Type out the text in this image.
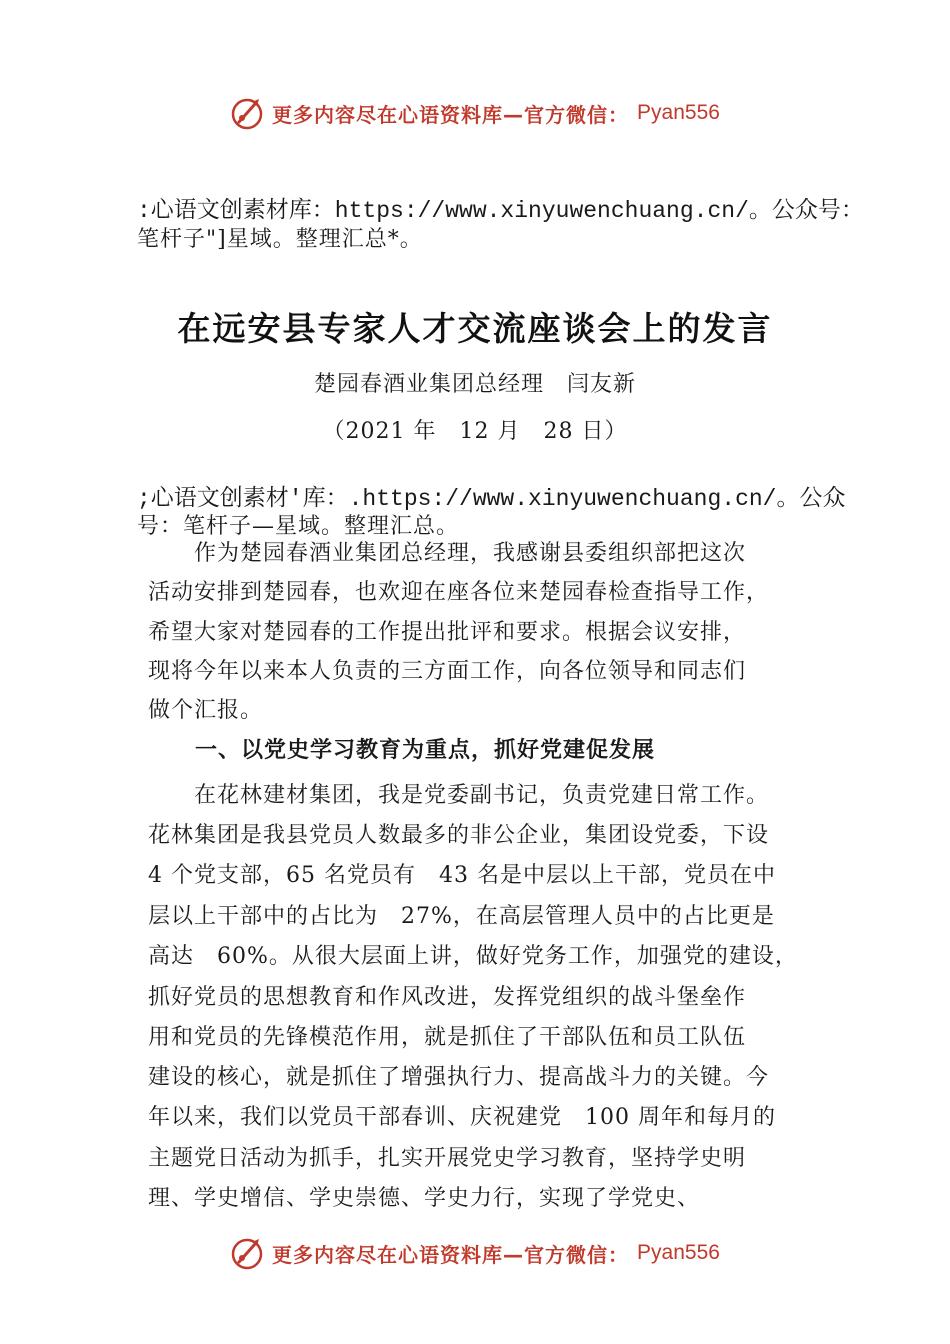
更多内容尽在心语资料库—官方微信： Pyan556
:心语文创素材库：https://www.xinyuwenchuang.cn/。公众号：
笔杆子"]星域。整理汇总*。
在远安县专家人才交流座谈会上的发言
楚园春酒业集团总经理　闫友新
（2021 年　12 月　28 日）
;心语文创素材'库：.https://www.xinyuwenchuang.cn/。公众
号：笔杆子—星域。整理汇总。
　　作为楚园春酒业集团总经理，我感谢县委组织部把这次
活动安排到楚园春，也欢迎在座各位来楚园春检查指导工作，
希望大家对楚园春的工作提出批评和要求。根据会议安排，
现将今年以来本人负责的三方面工作，向各位领导和同志们
做个汇报。
一、以党史学习教育为重点，抓好党建促发展
　　在花林建材集团，我是党委副书记，负责党建日常工作。
花林集团是我县党员人数最多的非公企业，集团设党委，下设
4 个党支部，65 名党员有　43 名是中层以上干部，党员在中
层以上干部中的占比为　27%，在高层管理人员中的占比更是
高达　60%。从很大层面上讲，做好党务工作，加强党的建设，
抓好党员的思想教育和作风改进，发挥党组织的战斗堡垒作
用和党员的先锋模范作用，就是抓住了干部队伍和员工队伍
建设的核心，就是抓住了增强执行力、提高战斗力的关键。今
年以来，我们以党员干部春训、庆祝建党　100 周年和每月的
主题党日活动为抓手，扎实开展党史学习教育，坚持学史明
理、学史增信、学史崇德、学史力行，实现了学党史、
更多内容尽在心语资料库—官方微信： Pyan556
